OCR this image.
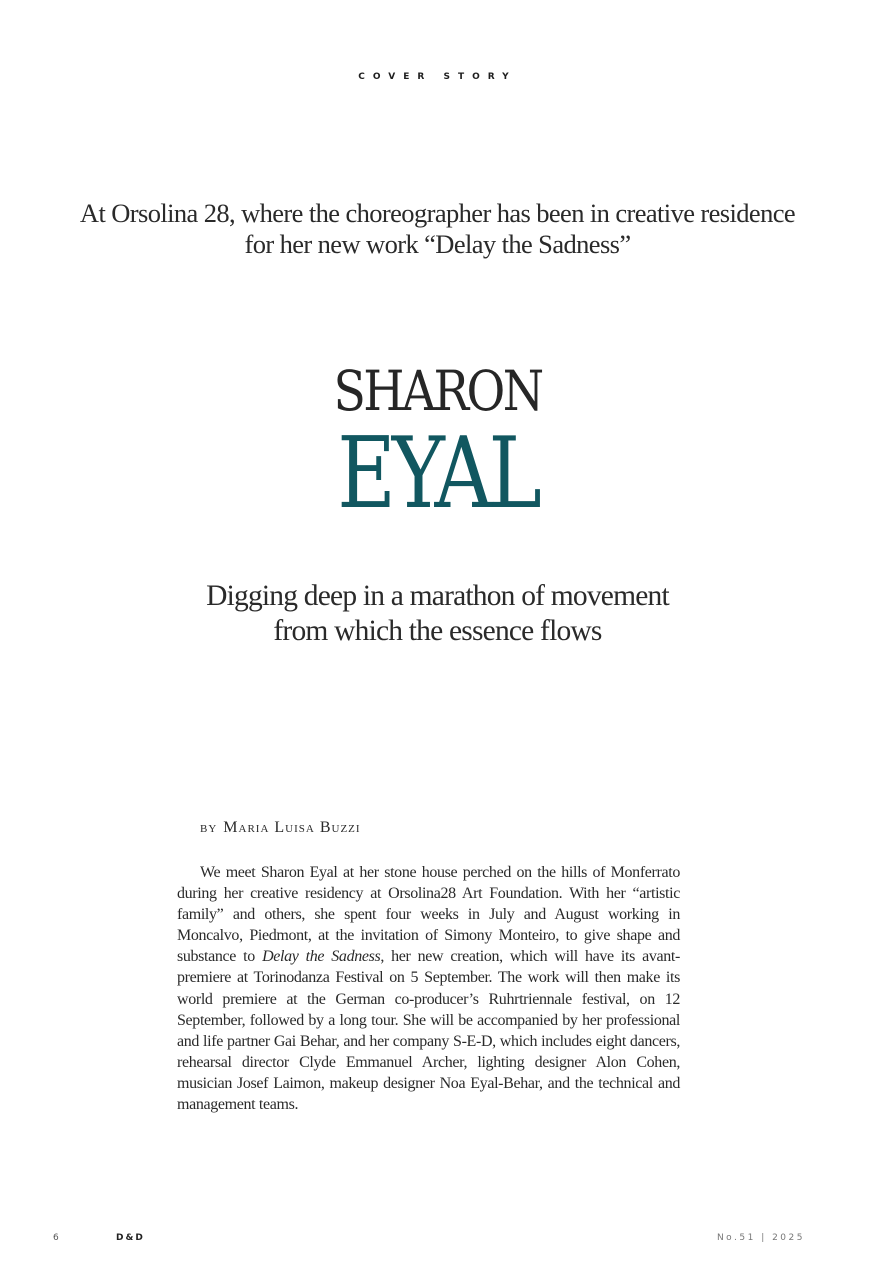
COVER STORY
At Orsolina 28, where the choreographer has been in creative residence
for her new work “Delay the Sadness”
SHARON
EYAL
Digging deep in a marathon of movement
from which the essence flows
by Maria Luisa Buzzi

We meet Sharon Eyal at her stone house perched on the hills of Monferrato during her creative residency at Orsolina28 Art Foundation. With her “artistic family” and others, she spent four weeks in July and August working in Moncalvo, Piedmont, at the invitation of Simony Monteiro, to give shape and substance to Delay the Sadness, her new creation, which will have its avant-premiere at Torinodanza Festival on 5 September. The work will then make its world premiere at the German co-producer’s Ruhrtriennale festival, on 12 September, followed by a long tour. She will be accompanied by her professional and life partner Gai Behar, and her company S-E-D, which includes eight dancers, rehearsal director Clyde Emmanuel Archer, lighting designer Alon Cohen, musician Josef Laimon, makeup designer Noa Eyal-Behar, and the technical and management teams.

6	D&D	No.51 | 2025
